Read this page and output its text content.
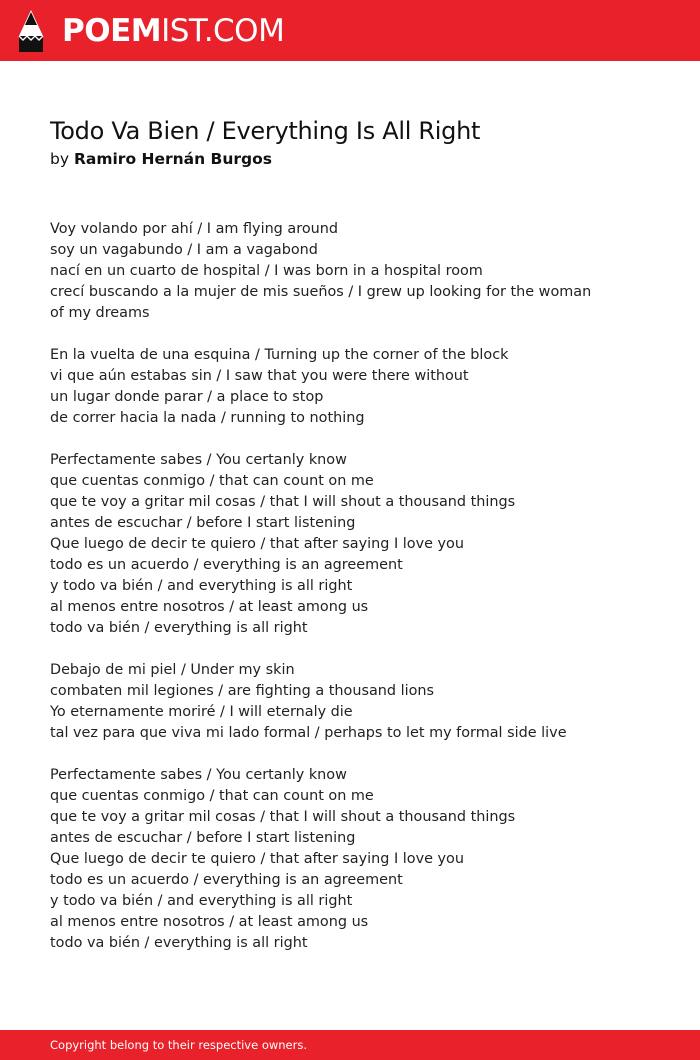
POEMIST.COM
Todo Va Bien / Everything Is All Right
by Ramiro Hernán Burgos
Voy volando por ahí / I am flying around
soy un vagabundo / I am a vagabond
nací en un cuarto de hospital / I was born in a hospital room
crecí buscando a la mujer de mis sueños / I grew up looking for the woman
of my dreams
En la vuelta de una esquina / Turning up the corner of the block
vi que aún estabas sin / I saw that you were there without
un lugar donde parar / a place to stop
de correr hacia la nada / running to nothing
Perfectamente sabes / You certanly know
que cuentas conmigo / that can count on me
que te voy a gritar mil cosas / that I will shout a thousand things
antes de escuchar / before I start listening
Que luego de decir te quiero / that after saying I love you
todo es un acuerdo / everything is an agreement
y todo va bién / and everything is all right
al menos entre nosotros / at least among us
todo va bién / everything is all right
Debajo de mi piel / Under my skin
combaten mil legiones / are fighting a thousand lions
Yo eternamente moriré / I will eternaly die
tal vez para que viva mi lado formal / perhaps to let my formal side live
Perfectamente sabes / You certanly know
que cuentas conmigo / that can count on me
que te voy a gritar mil cosas / that I will shout a thousand things
antes de escuchar / before I start listening
Que luego de decir te quiero / that after saying I love you
todo es un acuerdo / everything is an agreement
y todo va bién / and everything is all right
al menos entre nosotros / at least among us
todo va bién / everything is all right
Copyright belong to their respective owners.
